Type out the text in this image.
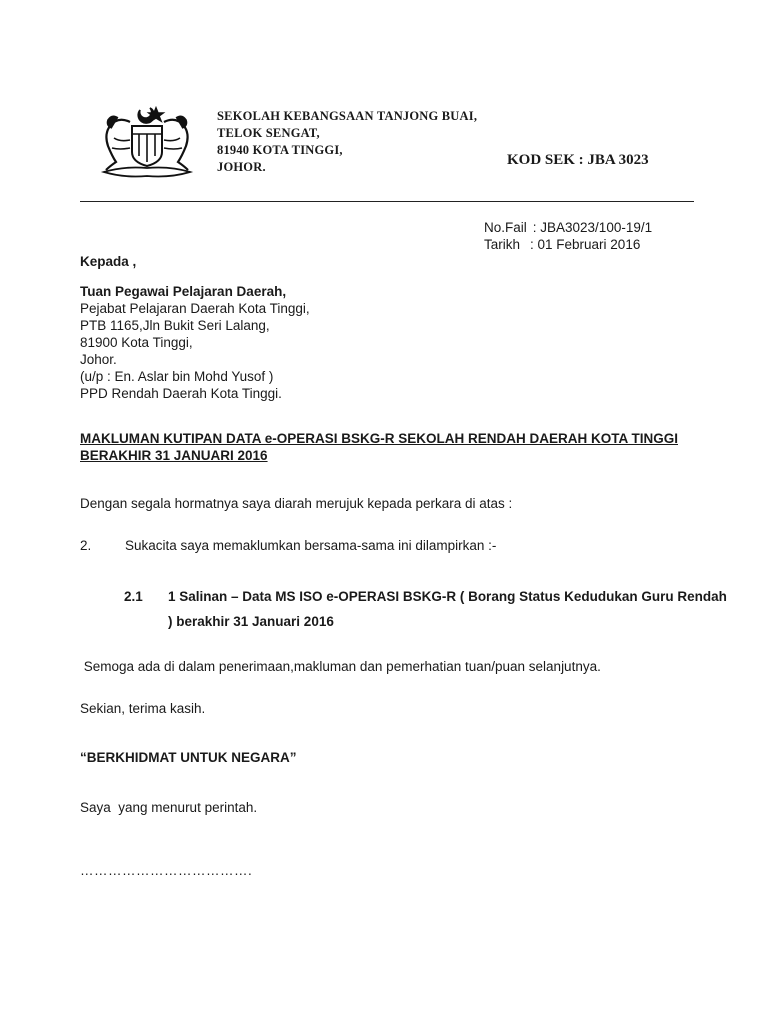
SEKOLAH KEBANGSAAN TANJONG BUAI,
TELOK SENGAT,
81940 KOTA TINGGI,
JOHOR.	KOD SEK : JBA 3023
No.Fail : JBA3023/100-19/1
Tarikh : 01 Februari 2016
Kepada ,
Tuan Pegawai Pelajaran Daerah,
Pejabat Pelajaran Daerah Kota Tinggi,
PTB 1165,Jln Bukit Seri Lalang,
81900 Kota Tinggi,
Johor.
(u/p : En. Aslar bin Mohd Yusof )
PPD Rendah Daerah Kota Tinggi.
MAKLUMAN KUTIPAN DATA e-OPERASI BSKG-R SEKOLAH RENDAH DAERAH KOTA TINGGI BERAKHIR 31 JANUARI 2016
Dengan segala hormatnya saya diarah merujuk kepada perkara di atas :
2. Sukacita saya memaklumkan bersama-sama ini dilampirkan :-
2.1 1 Salinan – Data MS ISO e-OPERASI BSKG-R ( Borang Status Kedudukan Guru Rendah ) berakhir 31 Januari 2016
Semoga ada di dalam penerimaan,makluman dan pemerhatian tuan/puan selanjutnya.
Sekian, terima kasih.
“BERKHIDMAT UNTUK NEGARA”
Saya  yang menurut perintah.
……………………………….
